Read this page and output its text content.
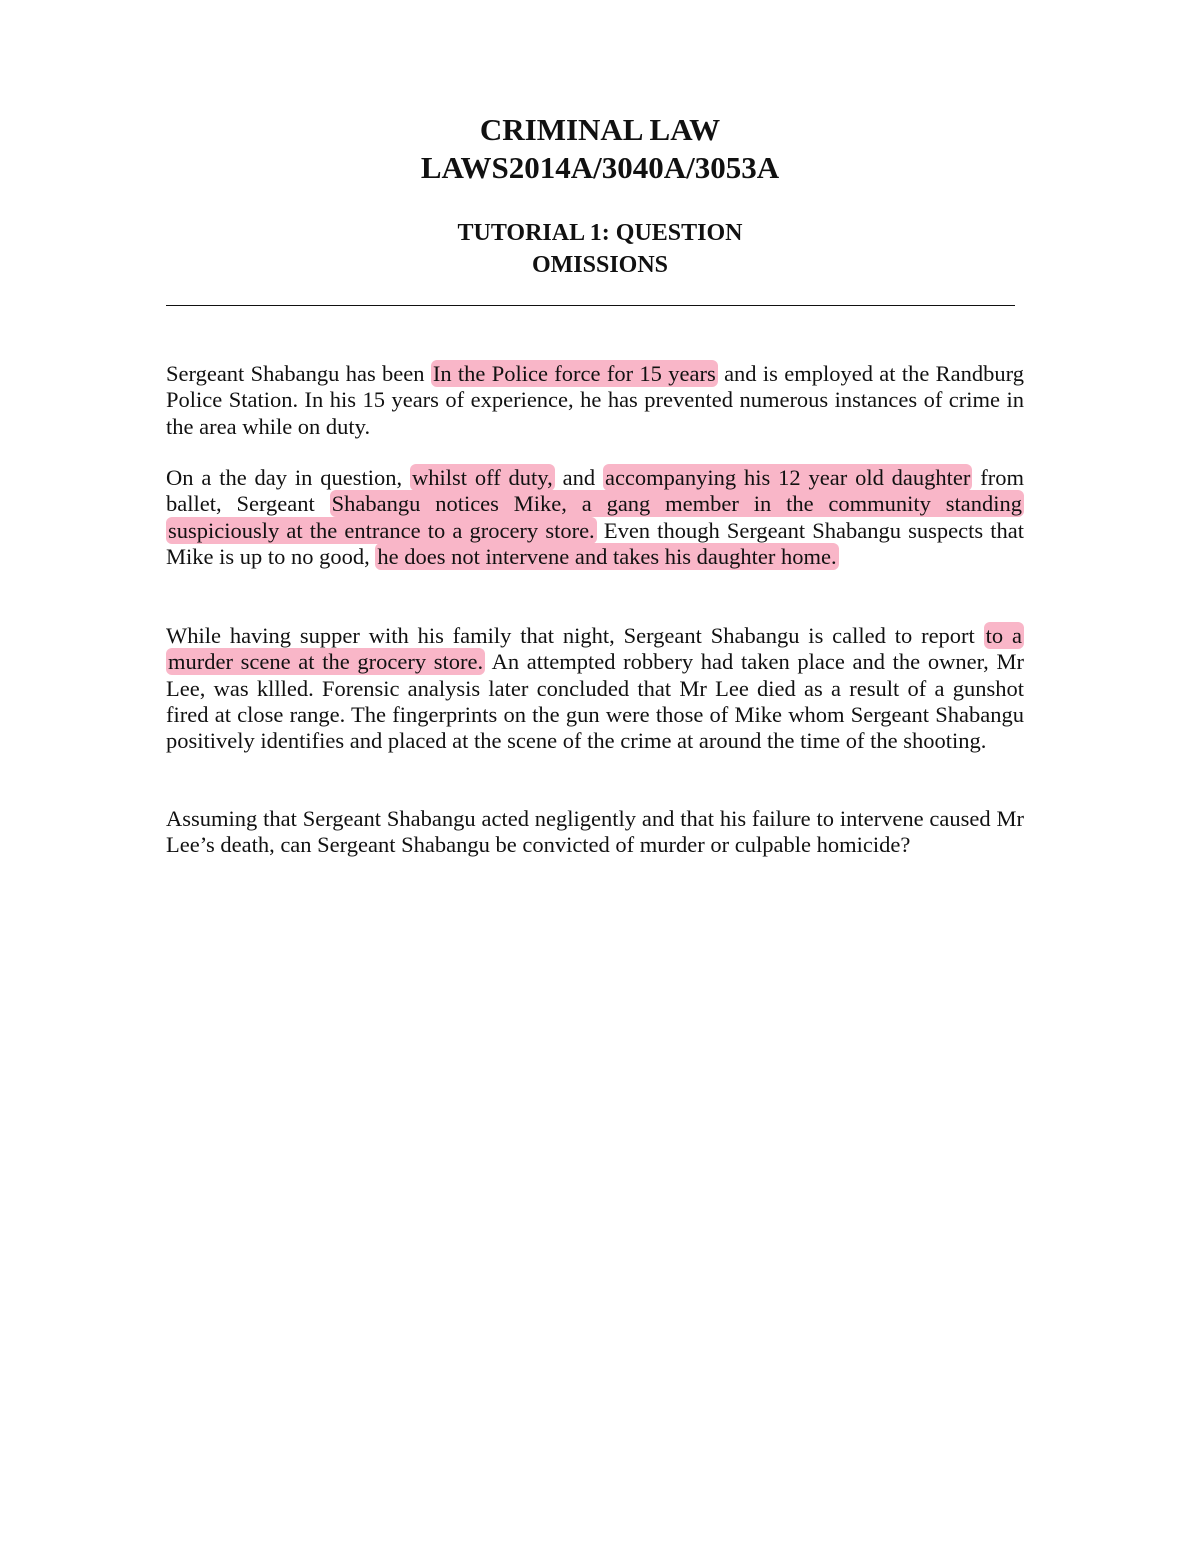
CRIMINAL LAW
LAWS2014A/3040A/3053A
TUTORIAL 1: QUESTION
OMISSIONS

Sergeant Shabangu has been In the Police force for 15 years and is employed at the Randburg Police Station. In his 15 years of experience, he has prevented numerous instances of crime in the area while on duty.

On a the day in question, whilst off duty, and accompanying his 12 year old daughter from ballet, Sergeant Shabangu notices Mike, a gang member in the community standing suspiciously at the entrance to a grocery store. Even though Sergeant Shabangu suspects that Mike is up to no good, he does not intervene and takes his daughter home.

While having supper with his family that night, Sergeant Shabangu is called to report to a murder scene at the grocery store. An attempted robbery had taken place and the owner, Mr Lee, was kllled. Forensic analysis later concluded that Mr Lee died as a result of a gunshot fired at close range. The fingerprints on the gun were those of Mike whom Sergeant Shabangu positively identifies and placed at the scene of the crime at around the time of the shooting.

Assuming that Sergeant Shabangu acted negligently and that his failure to intervene caused Mr Lee’s death, can Sergeant Shabangu be convicted of murder or culpable homicide?
